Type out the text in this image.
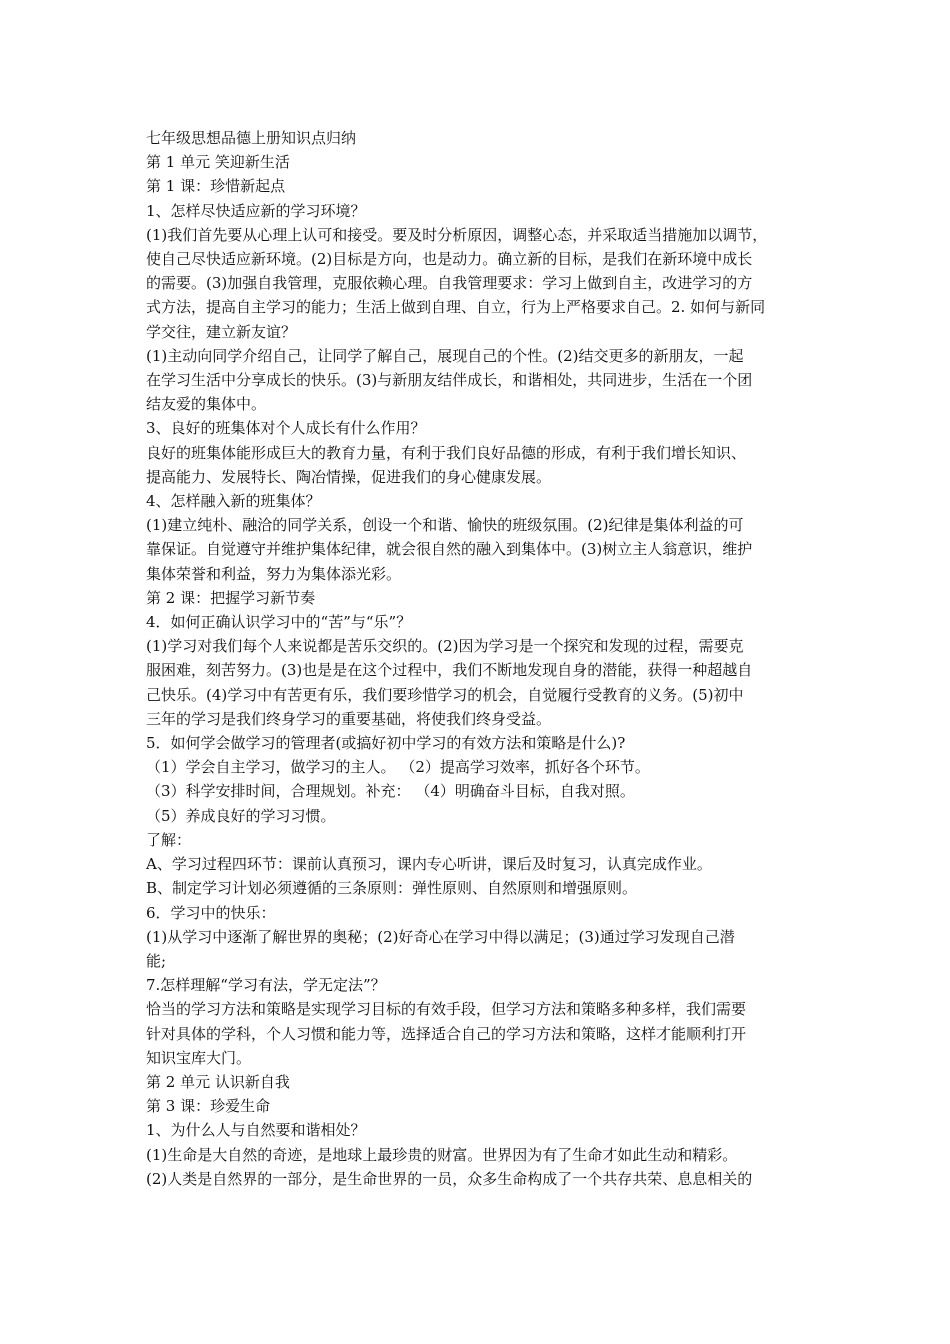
七年级思想品德上册知识点归纳

第 1 单元 笑迎新生活

第 1 课：珍惜新起点

1、怎样尽快适应新的学习环境？

(1)我们首先要从心理上认可和接受。要及时分析原因，调整心态，并采取适当措施加以调节，

使自己尽快适应新环境。(2)目标是方向，也是动力。确立新的目标，是我们在新环境中成长

的需要。(3)加强自我管理，克服依赖心理。自我管理要求：学习上做到自主，改进学习的方

式方法，提高自主学习的能力；生活上做到自理、自立，行为上严格要求自己。2. 如何与新同

学交往，建立新友谊？

(1)主动向同学介绍自己，让同学了解自己，展现自己的个性。(2)结交更多的新朋友，一起

在学习生活中分享成长的快乐。(3)与新朋友结伴成长，和谐相处，共同进步，生活在一个团

结友爱的集体中。

3、良好的班集体对个人成长有什么作用？

良好的班集体能形成巨大的教育力量，有利于我们良好品德的形成，有利于我们增长知识、

提高能力、发展特长、陶冶情操，促进我们的身心健康发展。

4、怎样融入新的班集体？

(1)建立纯朴、融洽的同学关系，创设一个和谐、愉快的班级氛围。(2)纪律是集体利益的可

靠保证。自觉遵守并维护集体纪律，就会很自然的融入到集体中。(3)树立主人翁意识，维护

集体荣誉和利益，努力为集体添光彩。

第 2 课：把握学习新节奏

4．如何正确认识学习中的“苦”与“乐”？

(1)学习对我们每个人来说都是苦乐交织的。(2)因为学习是一个探究和发现的过程，需要克

服困难，刻苦努力。(3)也是是在这个过程中，我们不断地发现自身的潜能，获得一种超越自

己快乐。(4)学习中有苦更有乐，我们要珍惜学习的机会，自觉履行受教育的义务。(5)初中

三年的学习是我们终身学习的重要基础，将使我们终身受益。

5．如何学会做学习的管理者(或搞好初中学习的有效方法和策略是什么)?

（1）学会自主学习，做学习的主人。 （2）提高学习效率，抓好各个环节。

（3）科学安排时间，合理规划。补充： （4）明确奋斗目标，自我对照。

（5）养成良好的学习习惯。

了解：

A、学习过程四环节：课前认真预习，课内专心听讲，课后及时复习，认真完成作业。

B、制定学习计划必须遵循的三条原则：弹性原则、自然原则和增强原则。

6．学习中的快乐：

(1)从学习中逐渐了解世界的奥秘；(2)好奇心在学习中得以满足；(3)通过学习发现自己潜

能;

7.怎样理解“学习有法，学无定法”？

恰当的学习方法和策略是实现学习目标的有效手段，但学习方法和策略多种多样，我们需要

针对具体的学科，个人习惯和能力等，选择适合自己的学习方法和策略，这样才能顺利打开

知识宝库大门。

第 2 单元 认识新自我

第 3 课：珍爱生命

1、为什么人与自然要和谐相处？

(1)生命是大自然的奇迹，是地球上最珍贵的财富。世界因为有了生命才如此生动和精彩。

(2)人类是自然界的一部分，是生命世界的一员，众多生命构成了一个共存共荣、息息相关的
